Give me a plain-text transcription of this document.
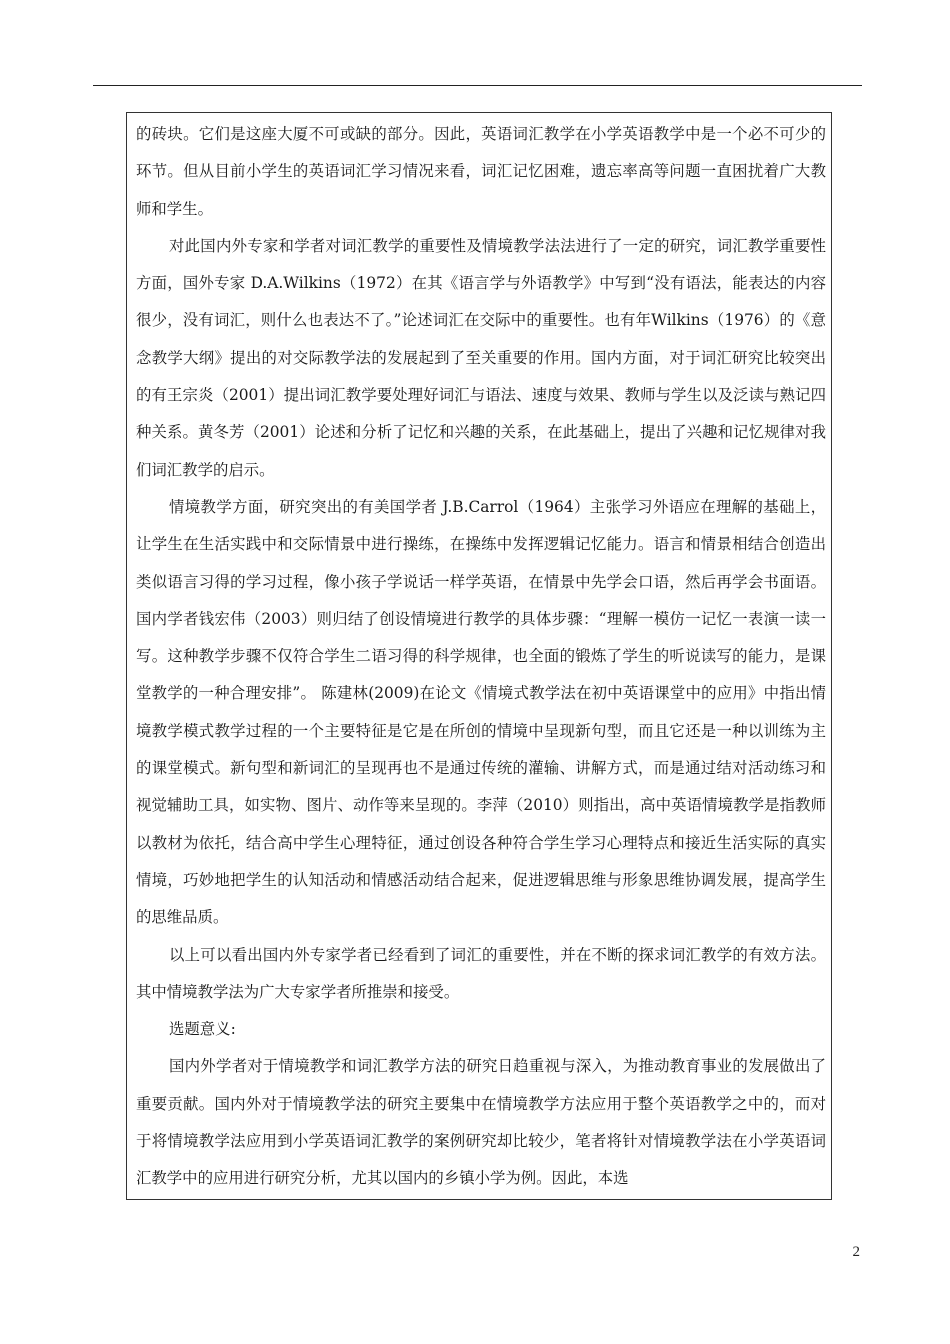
的砖块。它们是这座大厦不可或缺的部分。因此，英语词汇教学在小学英语教学中是一个必不可少的环节。但从目前小学生的英语词汇学习情况来看，词汇记忆困难，遗忘率高等问题一直困扰着广大教师和学生。

对此国内外专家和学者对词汇教学的重要性及情境教学法法进行了一定的研究，词汇教学重要性方面，国外专家 D.A.Wilkins（1972）在其《语言学与外语教学》中写到“没有语法，能表达的内容很少，没有词汇，则什么也表达不了。”论述词汇在交际中的重要性。也有年Wilkins（1976）的《意念教学大纲》提出的对交际教学法的发展起到了至关重要的作用。国内方面，对于词汇研究比较突出的有王宗炎（2001）提出词汇教学要处理好词汇与语法、速度与效果、教师与学生以及泛读与熟记四种关系。黄冬芳（2001）论述和分析了记忆和兴趣的关系，在此基础上，提出了兴趣和记忆规律对我们词汇教学的启示。

情境教学方面，研究突出的有美国学者 J.B.Carrol（1964）主张学习外语应在理解的基础上，让学生在生活实践中和交际情景中进行操练，在操练中发挥逻辑记忆能力。语言和情景相结合创造出类似语言习得的学习过程，像小孩子学说话一样学英语，在情景中先学会口语，然后再学会书面语。国内学者钱宏伟（2003）则归结了创设情境进行教学的具体步骤：“理解一模仿一记忆一表演一读一写。这种教学步骤不仅符合学生二语习得的科学规律，也全面的锻炼了学生的听说读写的能力，是课堂教学的一种合理安排”。 陈建林(2009)在论文《情境式教学法在初中英语课堂中的应用》中指出情境教学模式教学过程的一个主要特征是它是在所创的情境中呈现新句型，而且它还是一种以训练为主的课堂模式。新句型和新词汇的呈现再也不是通过传统的灌输、讲解方式，而是通过结对活动练习和视觉辅助工具，如实物、图片、动作等来呈现的。李萍（2010）则指出，高中英语情境教学是指教师以教材为依托，结合高中学生心理特征，通过创设各种符合学生学习心理特点和接近生活实际的真实情境，巧妙地把学生的认知活动和情感活动结合起来，促进逻辑思维与形象思维协调发展，提高学生的思维品质。

以上可以看出国内外专家学者已经看到了词汇的重要性，并在不断的探求词汇教学的有效方法。其中情境教学法为广大专家学者所推崇和接受。

选题意义:

国内外学者对于情境教学和词汇教学方法的研究日趋重视与深入，为推动教育事业的发展做出了重要贡献。国内外对于情境教学法的研究主要集中在情境教学方法应用于整个英语教学之中的，而对于将情境教学法应用到小学英语词汇教学的案例研究却比较少，笔者将针对情境教学法在小学英语词汇教学中的应用进行研究分析，尤其以国内的乡镇小学为例。因此，本选

2
